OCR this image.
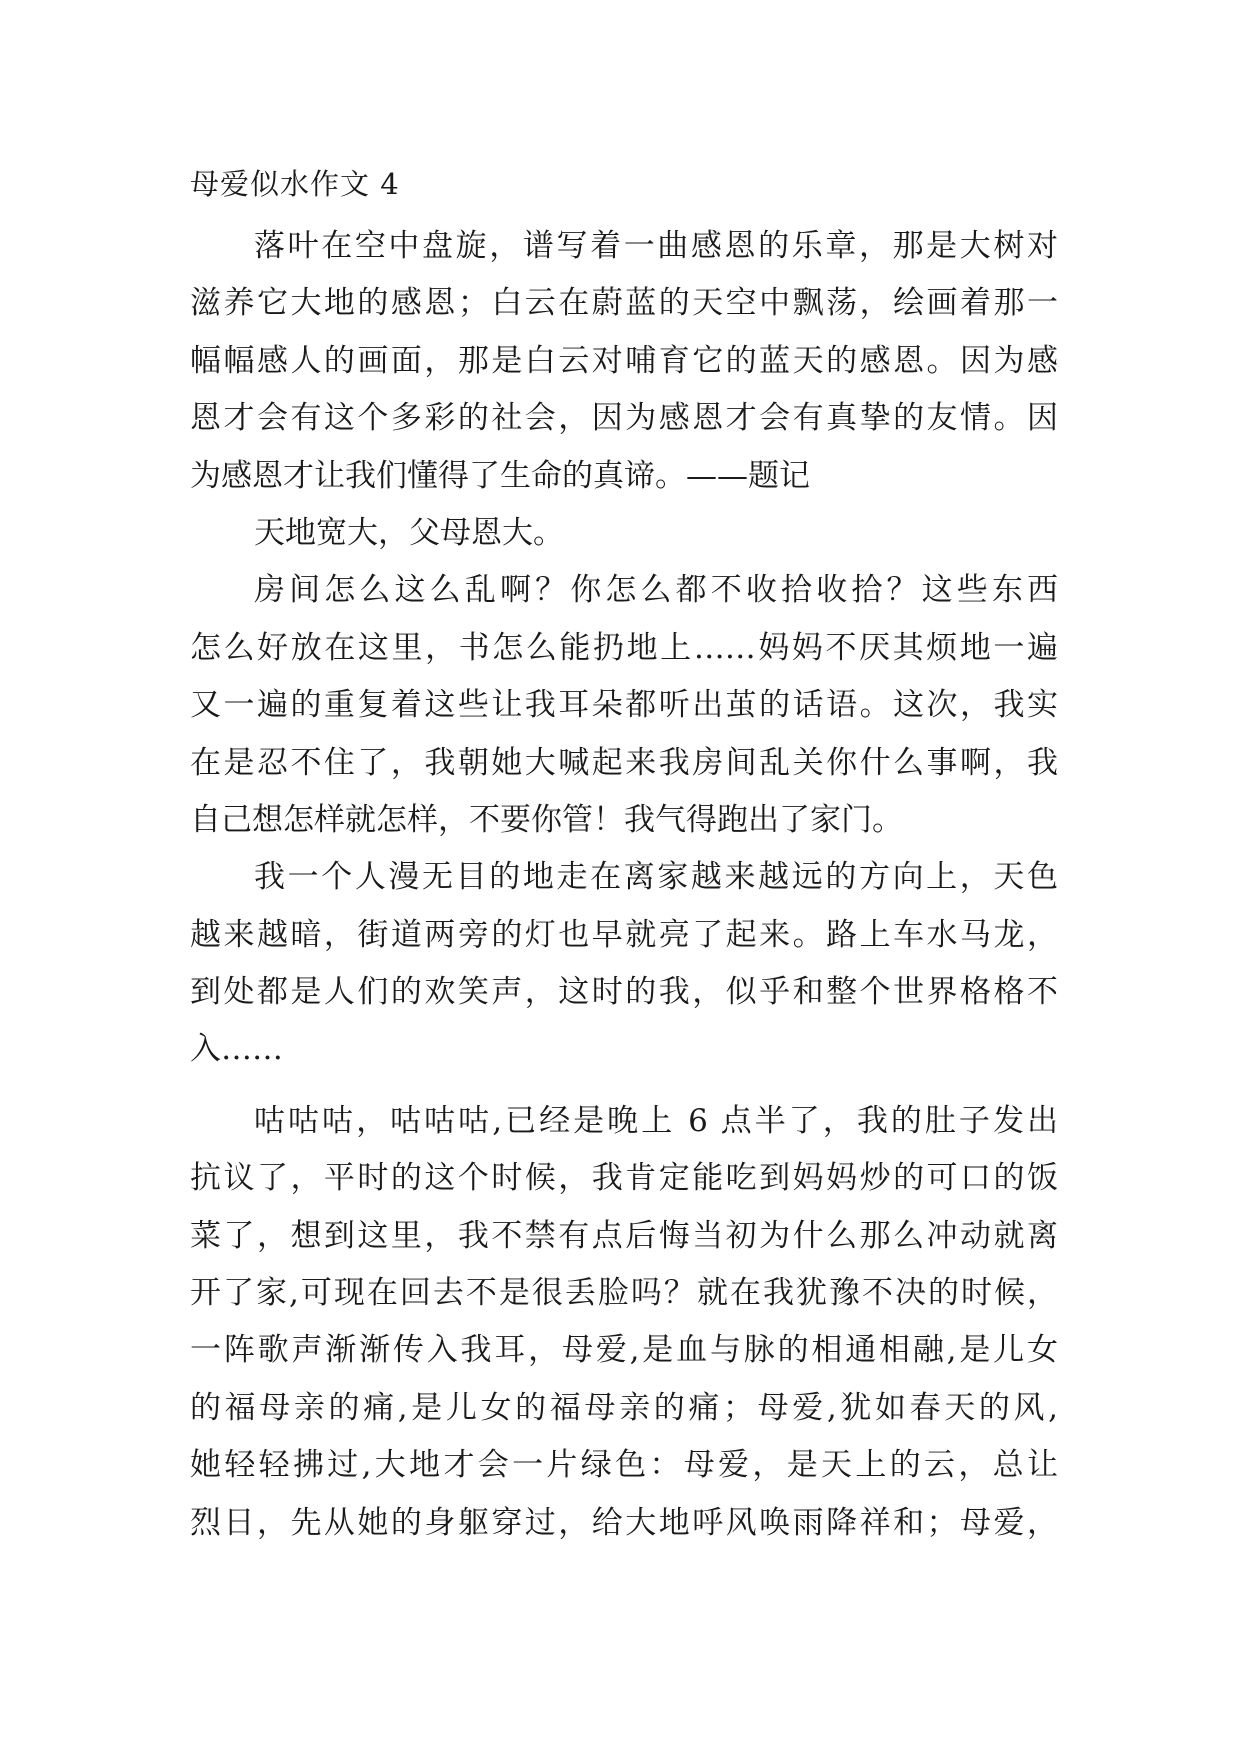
母爱似水作文 4
落叶在空中盘旋，谱写着一曲感恩的乐章，那是大树对
滋养它大地的感恩；白云在蔚蓝的天空中飘荡，绘画着那一
幅幅感人的画面，那是白云对哺育它的蓝天的感恩。因为感
恩才会有这个多彩的社会，因为感恩才会有真挚的友情。因
为感恩才让我们懂得了生命的真谛。——题记
天地宽大，父母恩大。
房间怎么这么乱啊？你怎么都不收拾收拾？这些东西
怎么好放在这里，书怎么能扔地上……妈妈不厌其烦地一遍
又一遍的重复着这些让我耳朵都听出茧的话语。这次，我实
在是忍不住了，我朝她大喊起来我房间乱关你什么事啊，我
自己想怎样就怎样，不要你管！我气得跑出了家门。
我一个人漫无目的地走在离家越来越远的方向上，天色
越来越暗，街道两旁的灯也早就亮了起来。路上车水马龙，
到处都是人们的欢笑声，这时的我，似乎和整个世界格格不
入……
咕咕咕，咕咕咕,已经是晚上 6 点半了，我的肚子发出
抗议了，平时的这个时候，我肯定能吃到妈妈炒的可口的饭
菜了，想到这里，我不禁有点后悔当初为什么那么冲动就离
开了家,可现在回去不是很丢脸吗？就在我犹豫不决的时候，
一阵歌声渐渐传入我耳，母爱,是血与脉的相通相融,是儿女
的福母亲的痛,是儿女的福母亲的痛；母爱,犹如春天的风,
她轻轻拂过,大地才会一片绿色：母爱，是天上的云，总让
烈日，先从她的身躯穿过，给大地呼风唤雨降祥和；母爱，
